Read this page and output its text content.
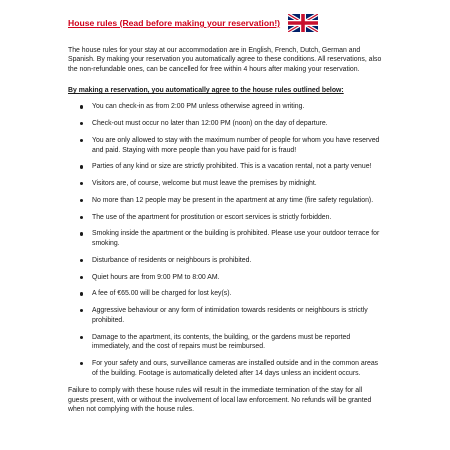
House rules (Read before making your reservation!)

The house rules for your stay at our accommodation are in English, French, Dutch, German and Spanish. By making your reservation you automatically agree to these conditions. All reservations, also the non-refundable ones, can be cancelled for free within 4 hours after making your reservation.

By making a reservation, you automatically agree to the house rules outlined below:

You can check-in as from 2:00 PM unless otherwise agreed in writing.
Check-out must occur no later than 12:00 PM (noon) on the day of departure.
You are only allowed to stay with the maximum number of people for whom you have reserved and paid. Staying with more people than you have paid for is fraud!
Parties of any kind or size are strictly prohibited. This is a vacation rental, not a party venue!
Visitors are, of course, welcome but must leave the premises by midnight.
No more than 12 people may be present in the apartment at any time (fire safety regulation).
The use of the apartment for prostitution or escort services is strictly forbidden.
Smoking inside the apartment or the building is prohibited. Please use your outdoor terrace for smoking.
Disturbance of residents or neighbours is prohibited.
Quiet hours are from 9:00 PM to 8:00 AM.
A fee of €65.00 will be charged for lost key(s).
Aggressive behaviour or any form of intimidation towards residents or neighbours is strictly prohibited.
Damage to the apartment, its contents, the building, or the gardens must be reported immediately, and the cost of repairs must be reimbursed.
For your safety and ours, surveillance cameras are installed outside and in the common areas of the building. Footage is automatically deleted after 14 days unless an incident occurs.

Failure to comply with these house rules will result in the immediate termination of the stay for all guests present, with or without the involvement of local law enforcement. No refunds will be granted when not complying with the house rules.
